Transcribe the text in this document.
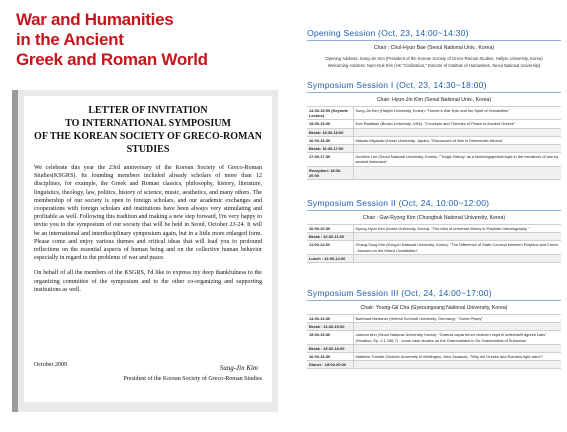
War and Humanities
in the Ancient
Greek and Roman World
LETTER OF INVITATION
TO INTERNATIONAL SYMPOSIUM
OF THE KOREAN SOCIETY OF GRECO-ROMAN STUDIES

We celebrate this year the 23rd anniversary of the Korean Society of Greco-Roman Studies(KSGRS). Its founding members included already scholars of more than 12 disciplines, for example, the Greek and Roman classics, philosophy, history, literature, linguistics, theology, law, politics, history of science, music, aesthetics, and many others. The membership of our society is open to foreign scholars, and our academic exchanges and cooperations with foreign scholars and institutions have been always very stimulating and profitable as well. Following this tradition and making a new step forward, I'm very happy to invite you to the symposium of our society that will be held in Seoul, October 23-24. It will be an international and interdisciplinary symposium again, but in a little more enlarged form. Please come and enjoy various themes and critical ideas that will lead you to profound reflections on the essential aspects of human being and on the collective human behavior especially in regard to the problems of war and peace.

On behalf of all the members of the KSGRS, I'd like to express my deep thankfulness to the organizing committee of the symposium and to the other co-organizing and supporting institutions as well.

October 2009	Sung-Jin Kim
President of the Korean Society of Greco-Roman Studies
Opening Session (Oct, 23, 14:00~14:30)
Chair : Chul-Hyun Bae (Seoul National Univ., Korea)
Opening Address: Sung-Jin Kim (President of the Korean Society of Greco-Roman Studies, Hallym University, Korea)
Welcoming Address: Nam-Duk Kim (HK "Civilization," Director of Institute of Humanities, Seoul National University)
Symposium Session I (Oct, 23, 14:30~18:00)
Chair: Hyun-Jin Kim (Seoul National Univ., Korea)
14:30-15:00 (Keynote Lecture)	Sung-Jin Kim (Hallym University, Korea): "Homer's War Epic and the Spirit of Humanities"
15:00-15:30	Kurt Raaflaub (Brown University, USA): "Concepts and Theories of Peace in Ancient Greece"
Break: 15:30-16:00	
16:00-16:30	Makoto Miyazaki (Hosei University, Japan): "Discourses of War in Democratic Athens"
Break: 16:30-17:00	
17:00-17:30	DooHee Lee (Seoul National University, Korea): "'Tragic History' as a historiographical style in the narratives of war by ancient historians"
Reception: 18:30-20:00	
Symposium Session II (Oct, 24, 10:00~12:00)
Chair : Gwi-Ryong Kim (Chungbuk National University, Korea)
10:00-10:30	Kyung-Hyun Kim (Korea University, Korea): "The idea of universal history in Polybian historiography "
Break : 10:30-11:00	
11:00-11:30	Chang-Sung Kim (KongJu National University, Korea): "The Difference of State Concept between Polybius and Cicero - focused on the Mixed Constitution"
Lunch : 12:00-14:00	
Symposium Session III (Oct, 24, 14:00~17:00)
Chair: Young-Gil Cha (Gyeoungsang National University, Korea)
14:00-14:30	Burkhard Meissner (Helmut Schmidt University, Germany): "Greek Piracy"
Break : 14:30-15:00	
15:00-15:30	Jaewon Ahn (Seoul National University, Korea): "Graecia capta ferum victorem cepit et artis/intulit agresti Latio" (Horatius, Ep. 2.1.156-7) - some case studies on the Grammarians in De Grammaticis of Suetonius
Break : 15:30-16:00	
16:00-16:30	Matthew Trundle (Victoria University of Wellington, New Zealand): "Why did Greeks and Romans fight wars?"
Dinner : 18:00-20:00	
